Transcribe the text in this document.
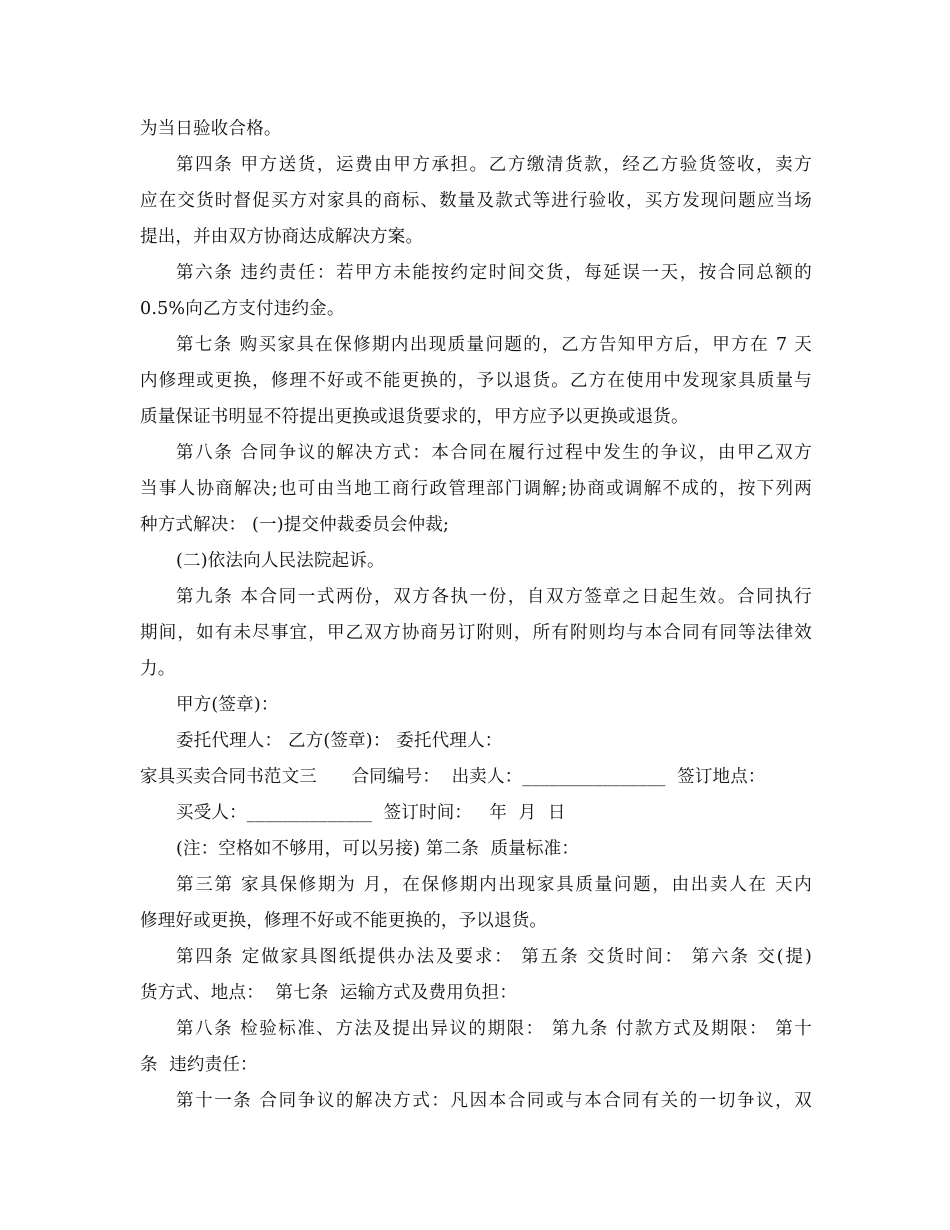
为当日验收合格。
第四条 甲方送货，运费由甲方承担。乙方缴清货款，经乙方验货签收，卖方
应在交货时督促买方对家具的商标、数量及款式等进行验收，买方发现问题应当场
提出，并由双方协商达成解决方案。
第六条 违约责任：若甲方未能按约定时间交货，每延误一天，按合同总额的
0.5%向乙方支付违约金。
第七条 购买家具在保修期内出现质量问题的，乙方告知甲方后，甲方在 7 天
内修理或更换，修理不好或不能更换的，予以退货。乙方在使用中发现家具质量与
质量保证书明显不符提出更换或退货要求的，甲方应予以更换或退货。
第八条 合同争议的解决方式：本合同在履行过程中发生的争议，由甲乙双方
当事人协商解决;也可由当地工商行政管理部门调解;协商或调解不成的，按下列两
种方式解决： (一)提交仲裁委员会仲裁;
(二)依法向人民法院起诉。
第九条 本合同一式两份，双方各执一份，自双方签章之日起生效。合同执行
期间，如有未尽事宜，甲乙双方协商另订附则，所有附则均与本合同有同等法律效
力。
甲方(签章)：
委托代理人： 乙方(签章)： 委托代理人：
家具买卖合同书范文三      合同编号：  出卖人：________________  签订地点：
买受人：______________  签订时间：   年  月  日
(注：空格如不够用，可以另接) 第二条  质量标准：
第三第 家具保修期为 月，在保修期内出现家具质量问题，由出卖人在 天内
修理好或更换，修理不好或不能更换的，予以退货。
第四条 定做家具图纸提供办法及要求： 第五条 交货时间： 第六条 交(提)
货方式、地点：  第七条  运输方式及费用负担：
第八条 检验标准、方法及提出异议的期限： 第九条 付款方式及期限： 第十
条  违约责任：
第十一条 合同争议的解决方式：凡因本合同或与本合同有关的一切争议，双
